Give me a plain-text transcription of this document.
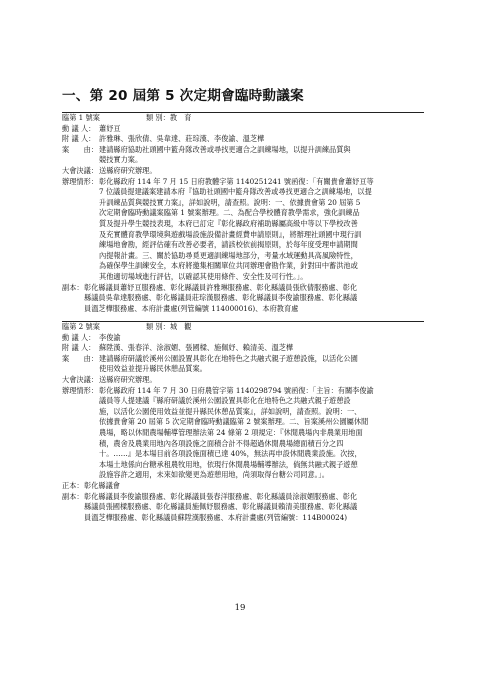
一、第 20 屆第 5 次定期會臨時動議案
臨第 1 號案	類 別： 教　育
動 議 人： 蕭妤亘
附 議 人： 許雅琳、張欣倩、吳韋達、莊琮漢、李俊諭、溫芝樺
案　　由： 建請縣府協助社頭國中籃舟隊改善或尋找更適合之訓練場地，以提升訓練品質與
競技實力案。
大會決議： 送縣府研究辦理。
辦理情形： 彰化縣政府 114 年 7 月 15 日府教體字第 1140251241 號函復：「有關貴會蕭妤亘等
7 位議員提建議案建請本府『協助社頭國中籃舟隊改善或尋找更適合之訓練場地，以提
升訓練品質與競技實力案』，詳如說明，請查照。說明：一、依據貴會第 20 屆第 5
次定期會臨時動議案臨第 1 號案辦理。二、為配合學校體育教學需求，強化訓練品
質及提升學生競技表現，本府已訂定『彰化縣政府補助縣屬高級中等以下學校改善
及充實體育教學環境與遊戲場設施設備計畫經費申請原則』，將辦理社頭國中現行訓
練場地會勘，經評估確有改善必要者，請該校依前揭原則，於每年度受理申請期間
內提報計畫。三、關於協助尋覓更適訓練場地部分，考量水域運動具高風險特性，
為確保學生訓練安全，本府將邀集相關單位共同辦理會勘作業，針對田中蓄洪池或
其他適切場域進行評估，以確認其使用條件、安全性及可行性。」。
副本： 彰化縣議員蕭妤亘服務處、彰化縣議員許雅琳服務處、彰化縣議員張欣倩服務處、彰化
縣議員吳韋達服務處、彰化縣議員莊琮漢服務處、彰化縣議員李俊諭服務處、彰化縣議
員溫芝樺服務處、本府計畫處(列管編號 114000016)、本府教育處
臨第 2 號案	類 別： 城　觀
動 議 人： 李俊諭
附 議 人： 蘇陞漢、張春洋、涂淑媚、張國樑、施佩妤、賴清美、溫芝樺
案　　由： 建請縣府研議於溪州公園設置具彰化在地特色之共融式親子遊憩設施，以活化公園
使用效益並提升縣民休憩品質案。
大會決議： 送縣府研究辦理。
辦理情形： 彰化縣政府 114 年 7 月 30 日府農管字第 1140298794 號函復：「主旨：有關李俊諭
議員等人提建議『縣府研議於溪州公園設置具彰化在地特色之共融式親子遊憩設
施，以活化公園使用效益並提升縣民休憩品質案』，詳如說明，請查照。說明：一、
依據貴會第 20 屆第 5 次定期會臨時動議臨第 2 號案辦理。二、旨案溪州公園屬休閒
農場，略以休閒農場輔導管理辦法第 24 條第 2 項規定：『休閒農場內非農業用地面
積，農舍及農業用地內各項設施之面積合計不得超過休閒農場總面積百分之四
十。……』是本場目前各項設施面積已達 40%，無法再申設休閒農業設施。次按，
本場土地係向台糖承租農牧用地，依現行休閒農場輔導辦法，倘無共融式親子遊憩
設施容許之適用，未來如欲變更為遊憩用地，尚須取得台糖公司同意。」。
正本： 彰化縣議會
副本： 彰化縣議員李俊諭服務處、彰化縣議員張春洋服務處、彰化縣議員涂淑媚服務處、彰化
縣議員張國樑服務處、彰化縣議員施佩妤服務處、彰化縣議員賴清美服務處、彰化縣議
員溫芝樺服務處、彰化縣議員蘇陞漢服務處、本府計畫處(列管編號：114B00024)
19
